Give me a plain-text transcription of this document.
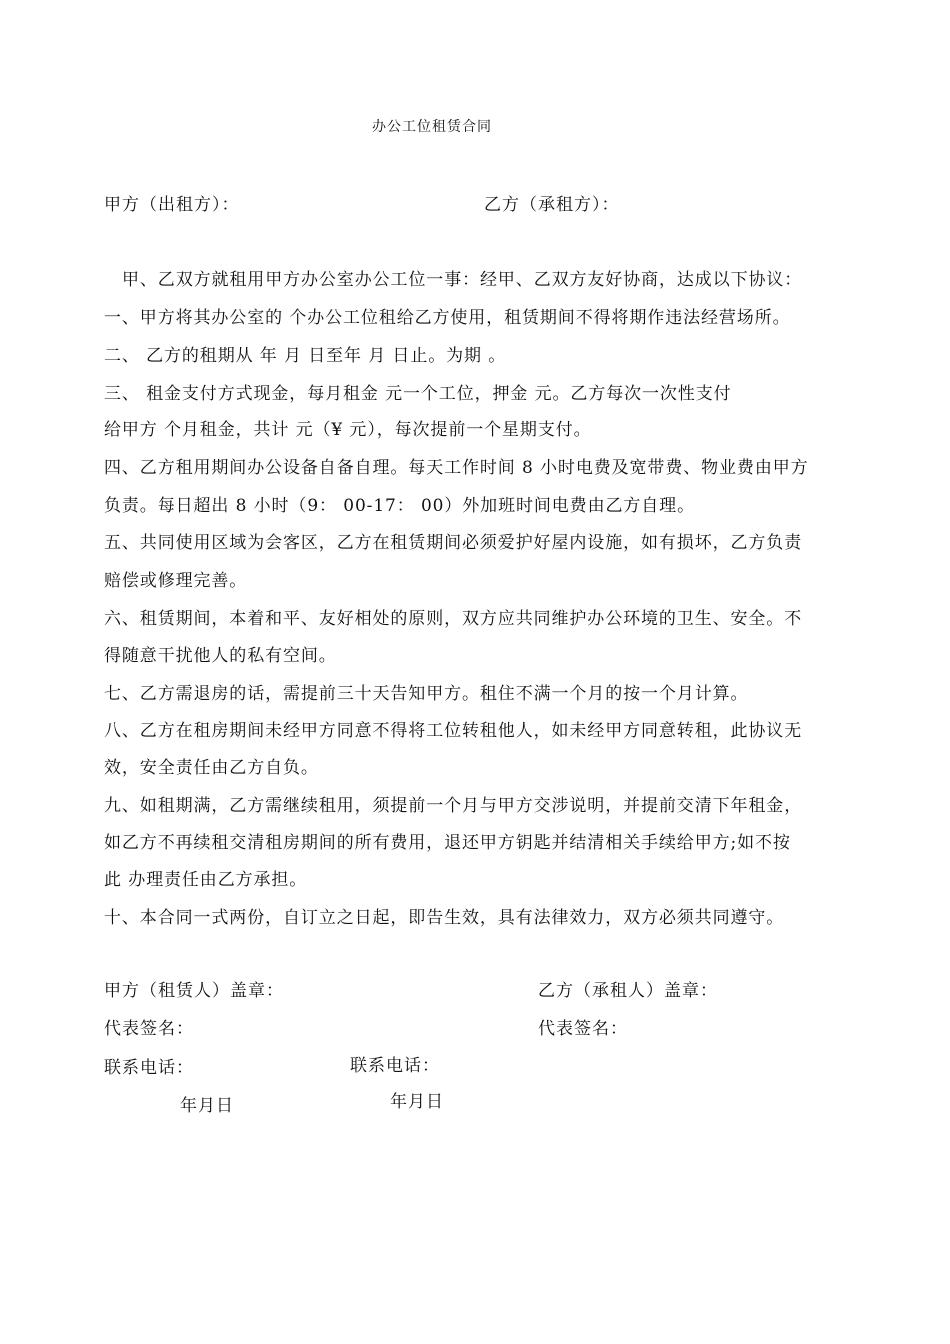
办公工位租赁合同
甲方（出租方）：	乙方（承租方）：
甲、乙双方就租用甲方办公室办公工位一事：经甲、乙双方友好协商，达成以下协议：
一、甲方将其办公室的 个办公工位租给乙方使用，租赁期间不得将期作违法经营场所。
二、 乙方的租期从 年 月 日至年 月 日止。为期 。
三、 租金支付方式现金，每月租金 元一个工位，押金 元。乙方每次一次性支付
给甲方 个月租金，共计 元（¥ 元），每次提前一个星期支付。
四、乙方租用期间办公设备自备自理。每天工作时间 8 小时电费及宽带费、物业费由甲方
负责。每日超出 8 小时（9： 00-17： 00）外加班时间电费由乙方自理。
五、共同使用区域为会客区，乙方在租赁期间必须爱护好屋内设施，如有损坏，乙方负责
赔偿或修理完善。
六、租赁期间，本着和平、友好相处的原则，双方应共同维护办公环境的卫生、安全。不
得随意干扰他人的私有空间。
七、乙方需退房的话，需提前三十天告知甲方。租住不满一个月的按一个月计算。
八、乙方在租房期间未经甲方同意不得将工位转租他人，如未经甲方同意转租，此协议无
效，安全责任由乙方自负。
九、如租期满，乙方需继续租用，须提前一个月与甲方交涉说明，并提前交清下年租金，
如乙方不再续租交清租房期间的所有费用，退还甲方钥匙并结清相关手续给甲方;如不按
此 办理责任由乙方承担。
十、本合同一式两份，自订立之日起，即告生效，具有法律效力，双方必须共同遵守。
甲方（租赁人）盖章：	乙方（承租人）盖章：
代表签名：	代表签名：
联系电话：	联系电话：
年月日	年月日
